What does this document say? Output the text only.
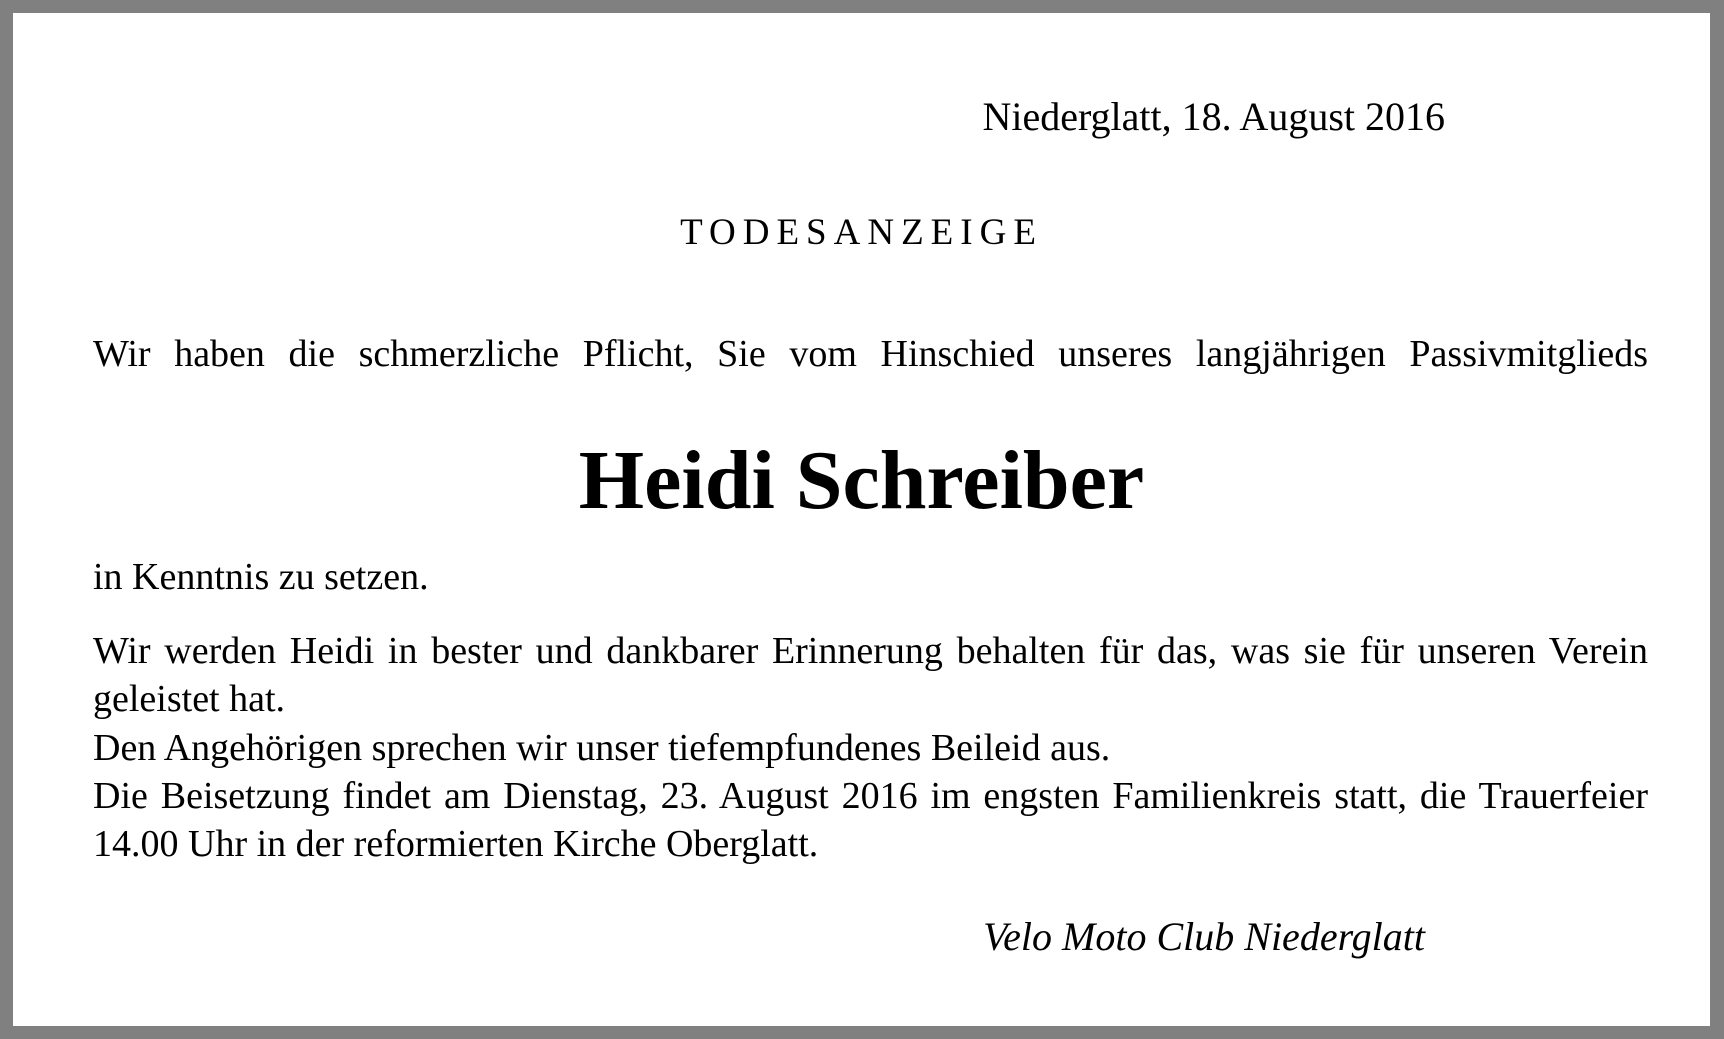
Niederglatt, 18. August 2016
TODESANZEIGE
Wir haben die schmerzliche Pflicht, Sie vom Hinschied unseres langjährigen Passivmitglieds
Heidi Schreiber
in Kenntnis zu setzen.
Wir werden Heidi in bester und dankbarer Erinnerung behalten für das, was sie für unseren Verein geleistet hat.
Den Angehörigen sprechen wir unser tiefempfundenes Beileid aus.
Die Beisetzung findet am Dienstag, 23. August 2016 im engsten Familienkreis statt, die Trauerfeier 14.00 Uhr in der reformierten Kirche Oberglatt.
Velo Moto Club Niederglatt
